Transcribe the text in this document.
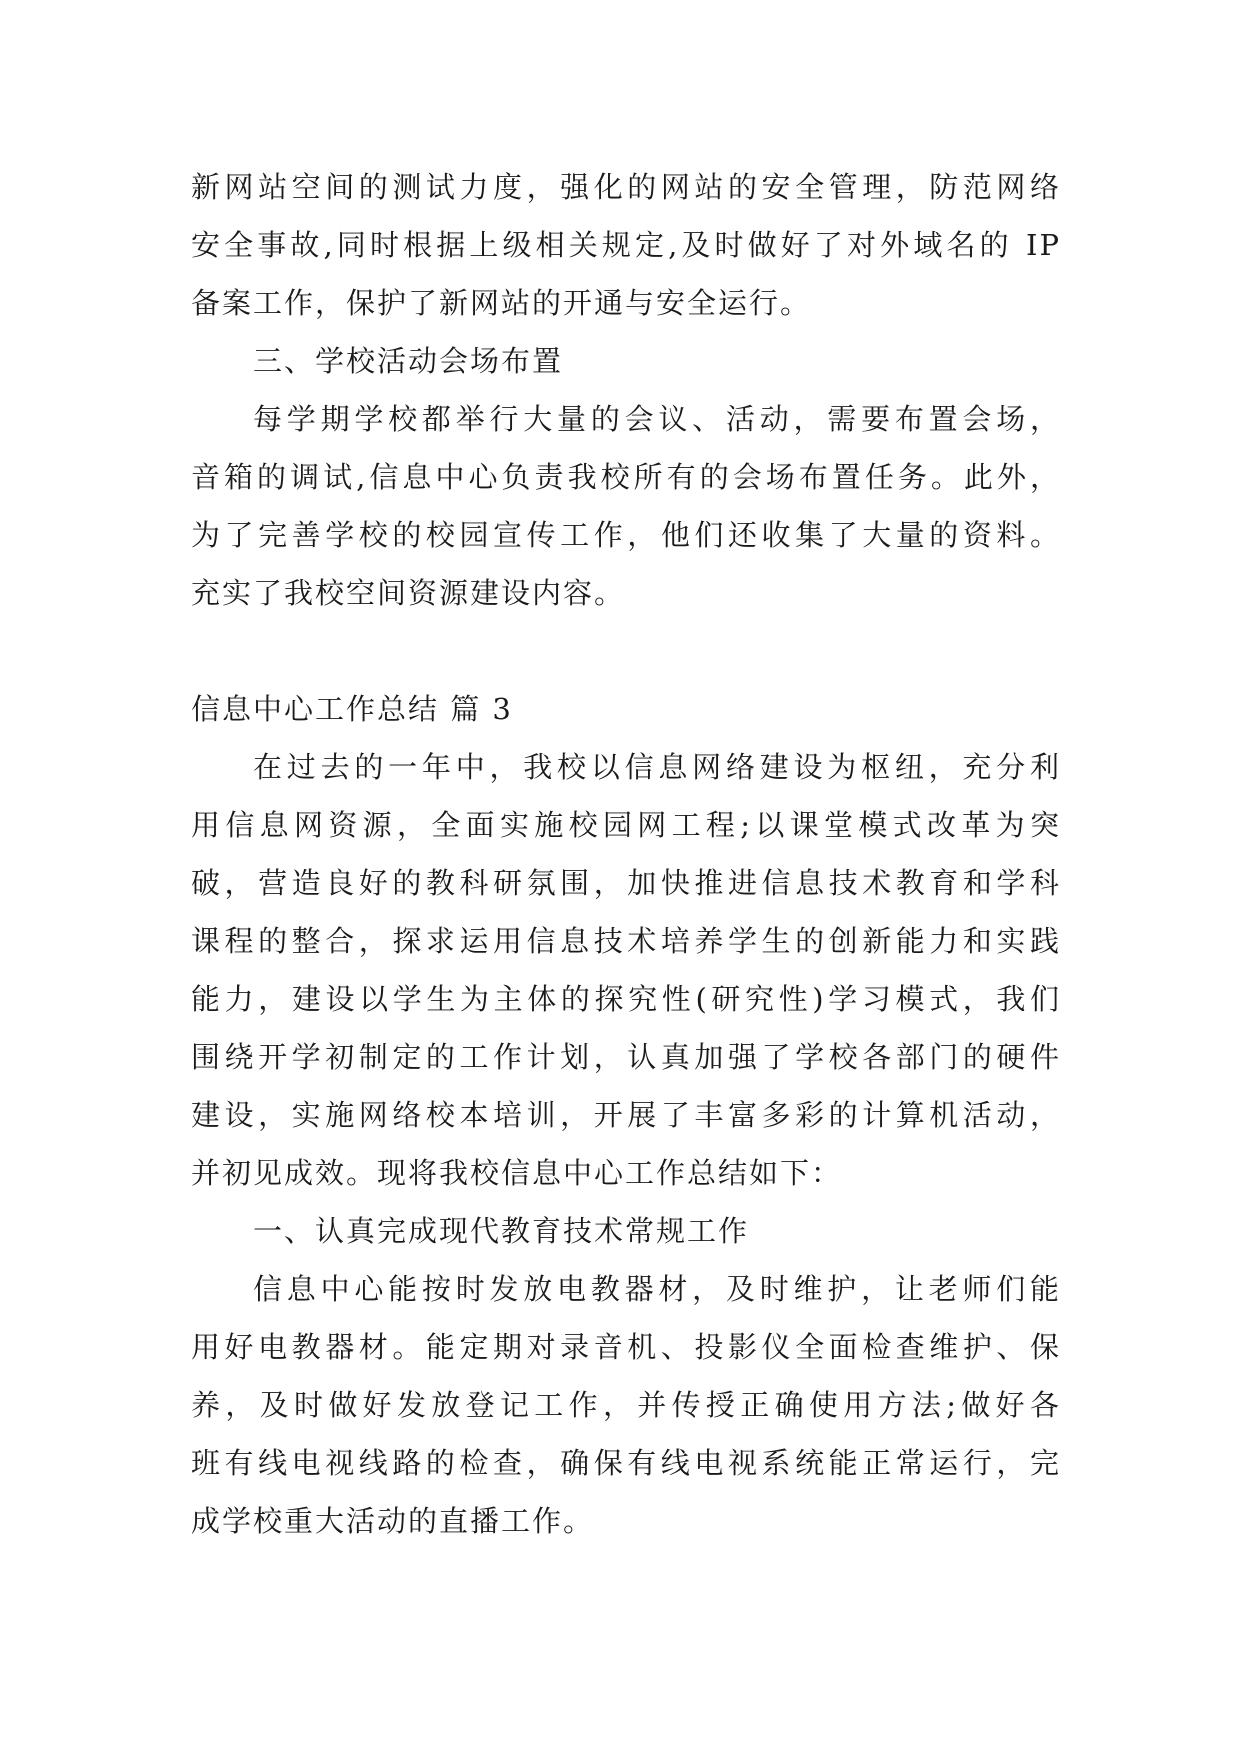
新网站空间的测试力度，强化的网站的安全管理，防范网络
安全事故,同时根据上级相关规定,及时做好了对外域名的 IP
备案工作，保护了新网站的开通与安全运行。
三、学校活动会场布置
每学期学校都举行大量的会议、活动，需要布置会场，
音箱的调试,信息中心负责我校所有的会场布置任务。此外，
为了完善学校的校园宣传工作，他们还收集了大量的资料。
充实了我校空间资源建设内容。
信息中心工作总结 篇 3
在过去的一年中，我校以信息网络建设为枢纽，充分利
用信息网资源，全面实施校园网工程;以课堂模式改革为突
破，营造良好的教科研氛围，加快推进信息技术教育和学科
课程的整合，探求运用信息技术培养学生的创新能力和实践
能力，建设以学生为主体的探究性(研究性)学习模式，我们
围绕开学初制定的工作计划，认真加强了学校各部门的硬件
建设，实施网络校本培训，开展了丰富多彩的计算机活动，
并初见成效。现将我校信息中心工作总结如下：
一、认真完成现代教育技术常规工作
信息中心能按时发放电教器材，及时维护，让老师们能
用好电教器材。能定期对录音机、投影仪全面检查维护、保
养，及时做好发放登记工作，并传授正确使用方法;做好各
班有线电视线路的检查，确保有线电视系统能正常运行，完
成学校重大活动的直播工作。
